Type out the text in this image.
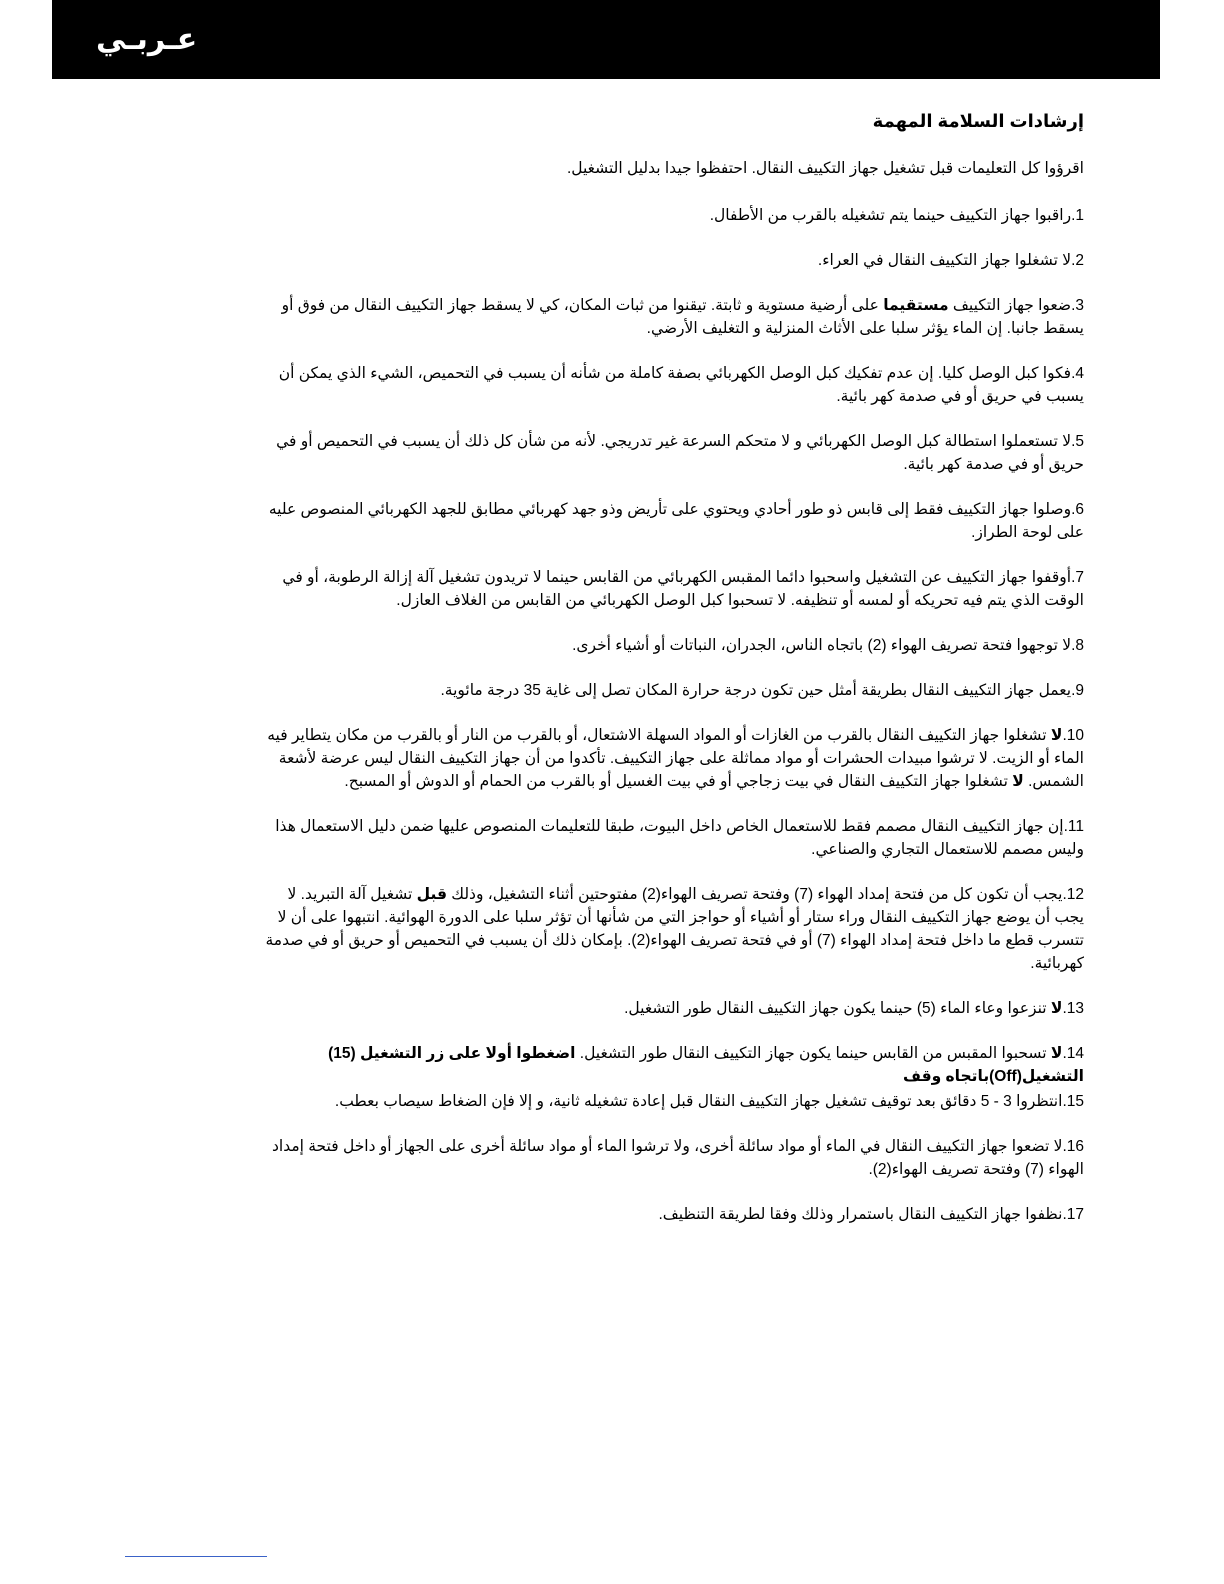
عـربـي
إرشادات السلامة المهمة
اقرؤوا كل التعليمات قبل تشغيل جهاز التكييف النقال. احتفظوا جيدا بدليل التشغيل.
1.راقبوا جهاز التكييف حينما يتم تشغيله بالقرب من الأطفال.
2.لا تشغلوا جهاز التكييف النقال في العراء.
3.ضعوا جهاز التكييف مستقيما على أرضية مستوية و ثابتة. تيقنوا من ثبات المكان، كي لا يسقط جهاز التكييف النقال من فوق أو يسقط جانبا. إن الماء يؤثر سلبا على الأثاث المنزلية و التغليف الأرضي.
4.فكوا كبل الوصل كليا. إن عدم تفكيك كبل الوصل الكهربائي بصفة كاملة من شأنه أن يسبب في التحميص، الشيء الذي يمكن أن يسبب في حريق أو في صدمة كهر بائية.
5.لا تستعملوا استطالة كبل الوصل الكهربائي و لا متحكم السرعة غير تدريجي. لأنه من شأن كل ذلك أن يسبب في التحميص أو في حريق أو في صدمة كهر بائية.
6.وصلوا جهاز التكييف فقط إلى قابس ذو طور أحادي ويحتوي على تأريض وذو جهد كهربائي مطابق للجهد الكهربائي المنصوص عليه على لوحة الطراز.
7.أوقفوا جهاز التكييف عن التشغيل واسحبوا دائما المقبس الكهربائي من القابس حينما لا تريدون تشغيل آلة إزالة الرطوبة، أو في الوقت الذي يتم فيه تحريكه أو لمسه أو تنظيفه. لا تسحبوا كبل الوصل الكهربائي من القابس من الغلاف العازل.
8.لا توجهوا فتحة تصريف الهواء (2) باتجاه الناس، الجدران، النباتات أو أشياء أخرى.
9.يعمل جهاز التكييف النقال بطريقة أمثل حين تكون درجة حرارة المكان تصل إلى غاية 35 درجة مائوية.
10.لا تشغلوا جهاز التكييف النقال بالقرب من الغازات أو المواد السهلة الاشتعال، أو بالقرب من النار أو بالقرب من مكان يتطاير فيه الماء أو الزيت. لا ترشوا مبيدات الحشرات أو مواد مماثلة على جهاز التكييف. تأكدوا من أن جهاز التكييف النقال ليس عرضة لأشعة الشمس. لا تشغلوا جهاز التكييف النقال في بيت زجاجي أو في بيت الغسيل أو بالقرب من الحمام أو الدوش أو المسبح.
11.إن جهاز التكييف النقال مصمم فقط للاستعمال الخاص داخل البيوت، طبقا للتعليمات المنصوص عليها ضمن دليل الاستعمال هذا وليس مصمم للاستعمال التجاري والصناعي.
12.يجب أن تكون كل من فتحة إمداد الهواء (7) وفتحة تصريف الهواء(2) مفتوحتين أثناء التشغيل، وذلك قبل تشغيل آلة التبريد. لا يجب أن يوضع جهاز التكييف النقال وراء ستار أو أشياء أو حواجز التي من شأنها أن تؤثر سلبا على الدورة الهوائية. انتبهوا على أن لا تتسرب قطع ما داخل فتحة إمداد الهواء (7) أو في فتحة تصريف الهواء(2). بإمكان ذلك أن يسبب في التحميص أو حريق أو في صدمة كهربائية.
13.لا تنزعوا وعاء الماء (5) حينما يكون جهاز التكييف النقال طور التشغيل.
14.لا تسحبوا المقبس من القابس حينما يكون جهاز التكييف النقال طور التشغيل. اضغطوا أولا على زر التشغيل (15) التشغيل(Off)باتجاه وقف
15.انتظروا 3 - 5 دقائق بعد توقيف تشغيل جهاز التكييف النقال قبل إعادة تشغيله ثانية، و إلا فإن الضغاط سيصاب بعطب.
16.لا تضعوا جهاز التكييف النقال في الماء أو مواد سائلة أخرى، ولا ترشوا الماء أو مواد سائلة أخرى على الجهاز أو داخل فتحة إمداد الهواء (7) وفتحة تصريف الهواء(2).
17.نظفوا جهاز التكييف النقال باستمرار وذلك وفقا لطريقة التنظيف.
